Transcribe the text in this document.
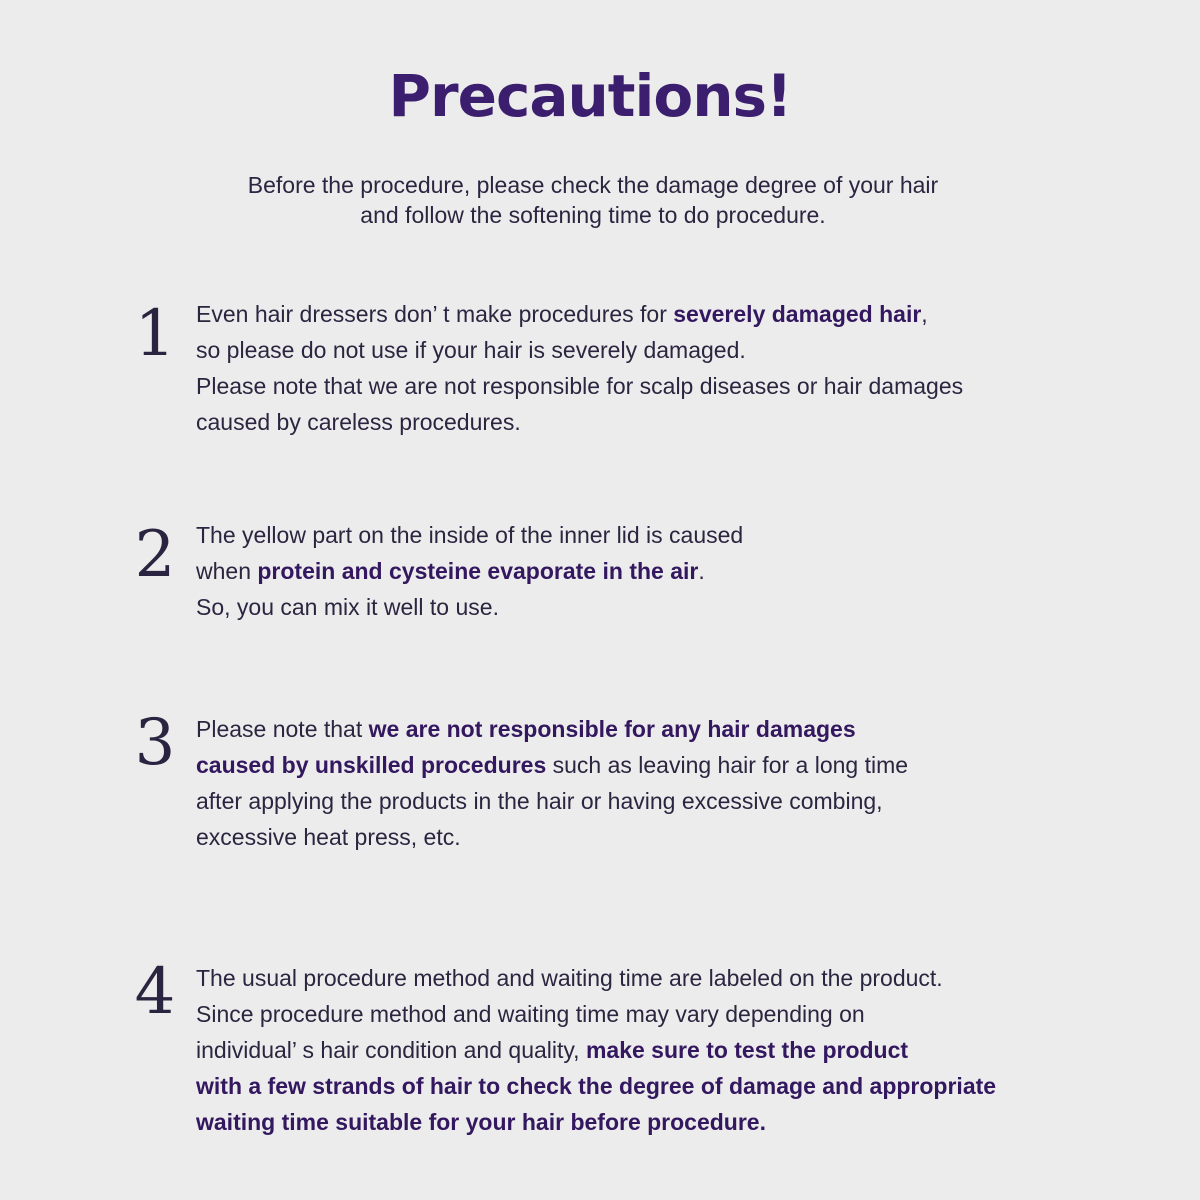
Precautions!

Before the procedure, please check the damage degree of your hair

and follow the softening time to do procedure.

1 Even hair dressers don’ t make procedures for severely damaged hair,
so please do not use if your hair is severely damaged.
Please note that we are not responsible for scalp diseases or hair damages
caused by careless procedures.
2 The yellow part on the inside of the inner lid is caused
when protein and cysteine evaporate in the air.
So, you can mix it well to use.
3 Please note that we are not responsible for any hair damages
caused by unskilled procedures such as leaving hair for a long time
after applying the products in the hair or having excessive combing,
excessive heat press, etc.
4 The usual procedure method and waiting time are labeled on the product.
Since procedure method and waiting time may vary depending on
individual’ s hair condition and quality, make sure to test the product
with a few strands of hair to check the degree of damage and appropriate
waiting time suitable for your hair before procedure.
